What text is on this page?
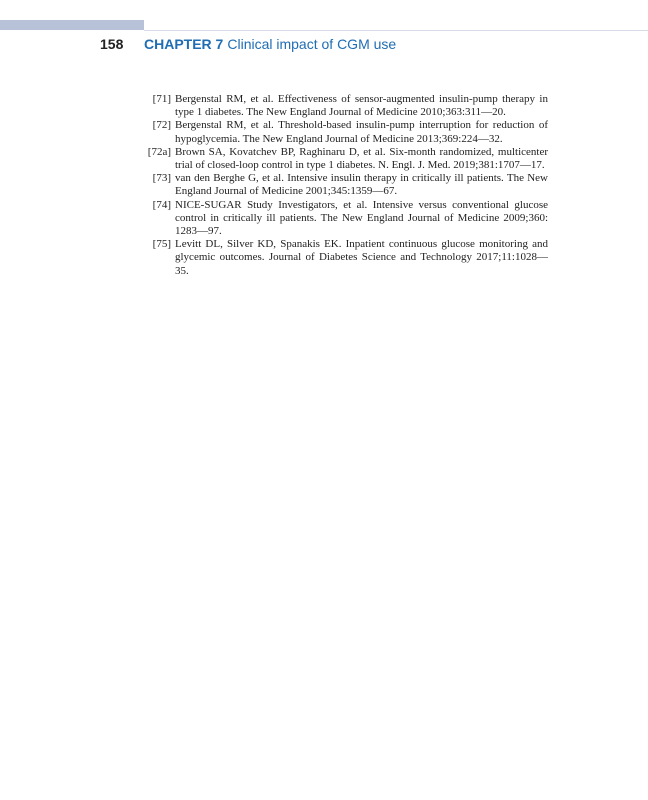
158 CHAPTER 7 Clinical impact of CGM use
[71] Bergenstal RM, et al. Effectiveness of sensor-augmented insulin-pump therapy in type 1 diabetes. The New England Journal of Medicine 2010;363:311—20.
[72] Bergenstal RM, et al. Threshold-based insulin-pump interruption for reduction of hypoglycemia. The New England Journal of Medicine 2013;369:224—32.
[72a] Brown SA, Kovatchev BP, Raghinaru D, et al. Six-month randomized, multicenter trial of closed-loop control in type 1 diabetes. N. Engl. J. Med. 2019;381:1707—17.
[73] van den Berghe G, et al. Intensive insulin therapy in critically ill patients. The New England Journal of Medicine 2001;345:1359—67.
[74] NICE-SUGAR Study Investigators, et al. Intensive versus conventional glucose control in critically ill patients. The New England Journal of Medicine 2009;360: 1283—97.
[75] Levitt DL, Silver KD, Spanakis EK. Inpatient continuous glucose monitoring and glycemic outcomes. Journal of Diabetes Science and Technology 2017;11:1028—35.
